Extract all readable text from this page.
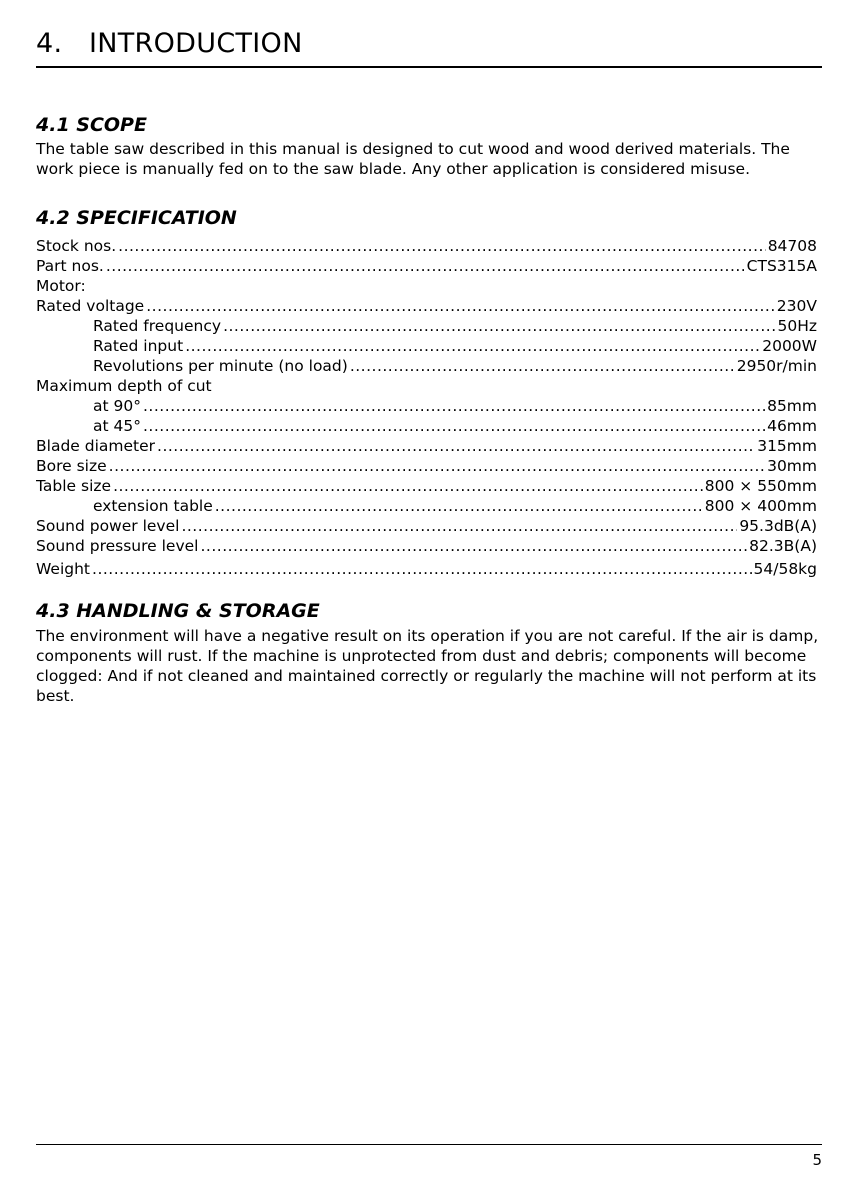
4.   INTRODUCTION
4.1 SCOPE

The table saw described in this manual is designed to cut wood and wood derived materials. The work piece is manually fed on to the saw blade. Any other application is considered misuse.

4.2 SPECIFICATION
Stock nos. .....	84708
Part nos. .....	CTS315A
Motor:
Rated voltage .....	230V
Rated frequency .....	50Hz
Rated input .....	2000W
Revolutions per minute (no load) .....	2950r/min
Maximum depth of cut
at 90° .....	85mm
at 45° .....	46mm
Blade diameter .....	315mm
Bore size .....	30mm
Table size .....	800 × 550mm
extension table .....	800 × 400mm
Sound power level .....	95.3dB(A)
Sound pressure level .....	82.3B(A)
Weight .....	54/58kg
4.3 HANDLING & STORAGE

The environment will have a negative result on its operation if you are not careful. If the air is damp, components will rust. If the machine is unprotected from dust and debris; components will become clogged: And if not cleaned and maintained correctly or regularly the machine will not perform at its best.

5
